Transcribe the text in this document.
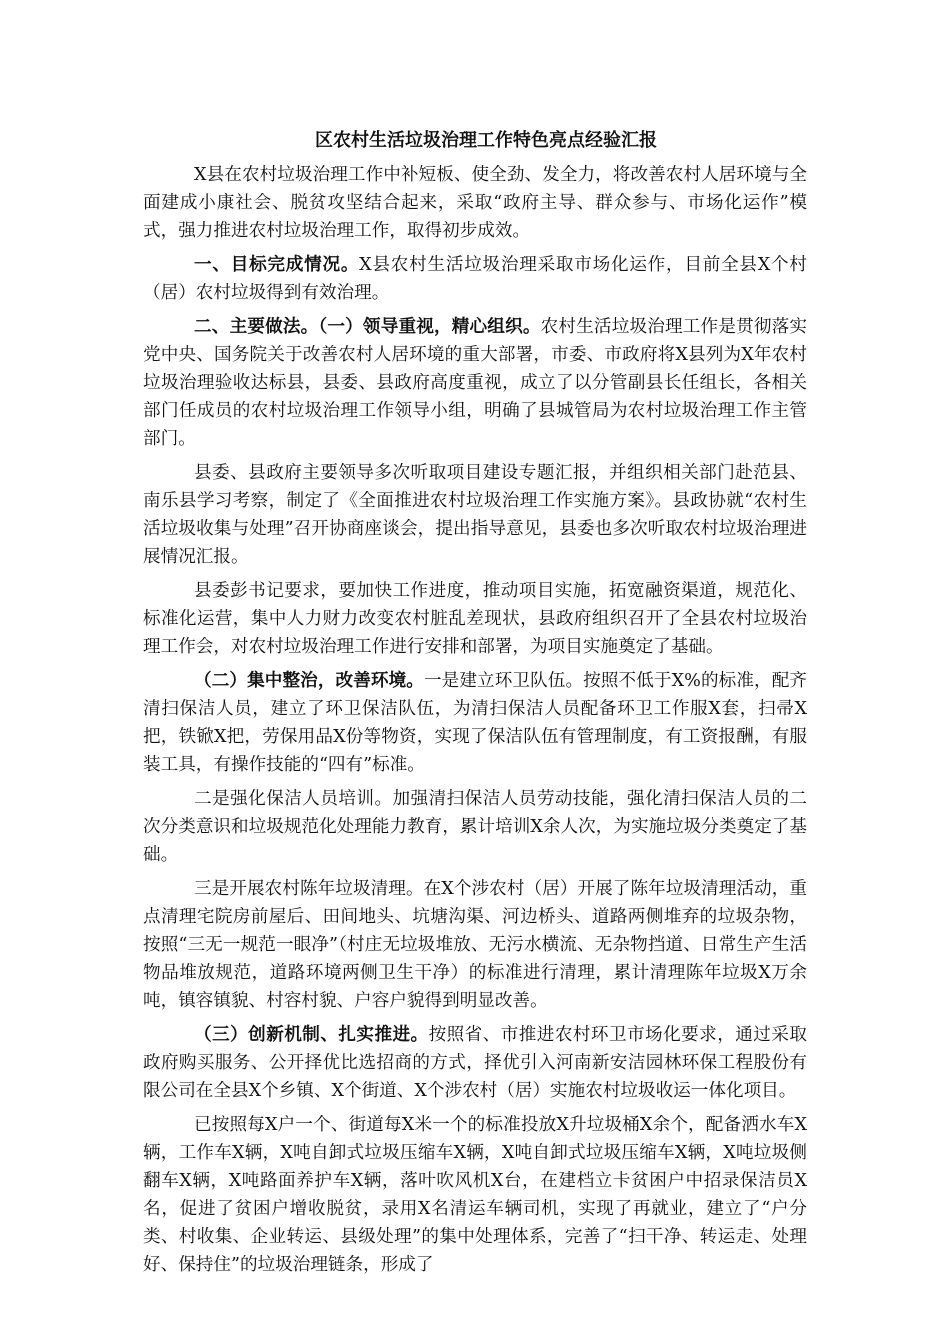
区农村生活垃圾治理工作特色亮点经验汇报

X县在农村垃圾治理工作中补短板、使全劲、发全力，将改善农村人居环境与全面建成小康社会、脱贫攻坚结合起来，采取“政府主导、群众参与、市场化运作”模式，强力推进农村垃圾治理工作，取得初步成效。

一、目标完成情况。X县农村生活垃圾治理采取市场化运作，目前全县X个村（居）农村垃圾得到有效治理。

二、主要做法。（一）领导重视，精心组织。农村生活垃圾治理工作是贯彻落实党中央、国务院关于改善农村人居环境的重大部署，市委、市政府将X县列为X年农村垃圾治理验收达标县，县委、县政府高度重视，成立了以分管副县长任组长，各相关部门任成员的农村垃圾治理工作领导小组，明确了县城管局为农村垃圾治理工作主管部门。

县委、县政府主要领导多次听取项目建设专题汇报，并组织相关部门赴范县、南乐县学习考察，制定了《全面推进农村垃圾治理工作实施方案》。县政协就“农村生活垃圾收集与处理”召开协商座谈会，提出指导意见，县委也多次听取农村垃圾治理进展情况汇报。

县委彭书记要求，要加快工作进度，推动项目实施，拓宽融资渠道，规范化、标准化运营，集中人力财力改变农村脏乱差现状，县政府组织召开了全县农村垃圾治理工作会，对农村垃圾治理工作进行安排和部署，为项目实施奠定了基础。

（二）集中整治，改善环境。一是建立环卫队伍。按照不低于X%的标准，配齐清扫保洁人员，建立了环卫保洁队伍，为清扫保洁人员配备环卫工作服X套，扫帚X把，铁锨X把，劳保用品X份等物资，实现了保洁队伍有管理制度，有工资报酬，有服装工具，有操作技能的“四有”标准。

二是强化保洁人员培训。加强清扫保洁人员劳动技能，强化清扫保洁人员的二次分类意识和垃圾规范化处理能力教育，累计培训X余人次，为实施垃圾分类奠定了基础。

三是开展农村陈年垃圾清理。在X个涉农村（居）开展了陈年垃圾清理活动，重点清理宅院房前屋后、田间地头、坑塘沟渠、河边桥头、道路两侧堆弃的垃圾杂物，按照“三无一规范一眼净”（村庄无垃圾堆放、无污水横流、无杂物挡道、日常生产生活物品堆放规范，道路环境两侧卫生干净）的标准进行清理，累计清理陈年垃圾X万余吨，镇容镇貌、村容村貌、户容户貌得到明显改善。

（三）创新机制、扎实推进。按照省、市推进农村环卫市场化要求，通过采取政府购买服务、公开择优比选招商的方式，择优引入河南新安洁园林环保工程股份有限公司在全县X个乡镇、X个街道、X个涉农村（居）实施农村垃圾收运一体化项目。

已按照每X户一个、街道每X米一个的标准投放X升垃圾桶X余个，配备洒水车X辆，工作车X辆，X吨自卸式垃圾压缩车X辆，X吨自卸式垃圾压缩车X辆，X吨垃圾侧翻车X辆，X吨路面养护车X辆，落叶吹风机X台，在建档立卡贫困户中招录保洁员X名，促进了贫困户增收脱贫，录用X名清运车辆司机，实现了再就业，建立了“户分类、村收集、企业转运、县级处理”的集中处理体系，完善了“扫干净、转运走、处理好、保持住”的垃圾治理链条，形成了
